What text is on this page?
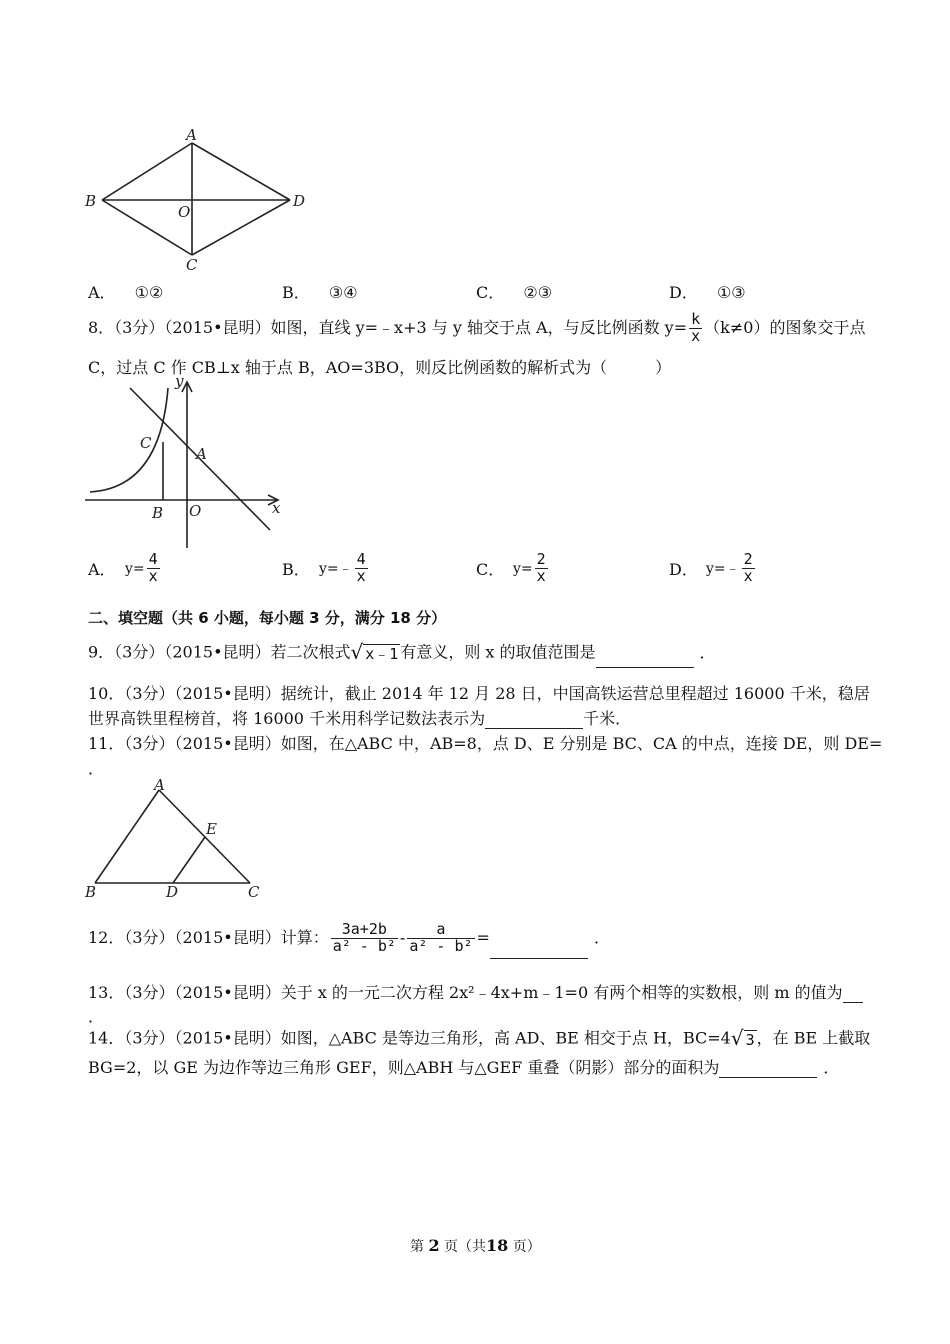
A
B
O
D
C
A． ①②	B． ③④	C． ②③	D． ①③
8．（3分）（2015•昆明）如图，直线 y=﹣x+3 与 y 轴交于点 A，与反比例函数 $y= \frac{k}{x} (k\ne 0)$的图象交于点
C，过点 C 作 CB⊥x 轴于点 B，AO=3BO，则反比例函数的解析式为（　　　）
y
x
C
A
B O
A． $y= \frac{4}{x}$	B． y=﹣ $\frac{4}{x}$	C． $y= \frac{2}{x}$	D． y=﹣ $\frac{2}{x}$
二、填空题（共 6 小题，每小题 3 分，满分 18 分）
9．（3分）（2015•昆明）若二次根式√ x﹣1 有意义，则 x 的取值范围是	．
10．（3分）（2015•昆明）据统计，截止 2014 年 12 月 28 日，中国高铁运营总里程超过 16000 千米，稳居
世界高铁里程榜首，将 16000 千米用科学记数法表示为	千米．
11．（3分）（2015•昆明）如图，在△ABC 中，AB=8，点 D、E 分别是 BC、CA 的中点，连接 DE，则 DE=
．
A
E
B	D	C
12．（3分）（2015•昆明）计算： $\frac{3a+2b}{\text{a² - b²}} - \frac{a}{\text{a² - b²}}$ =	．
13．（3分）（2015•昆明）关于 x 的一元二次方程 2x²﹣4x+m﹣1=0 有两个相等的实数根，则 m 的值为
．
14．（3分）（2015•昆明）如图，△ABC 是等边三角形，高 AD、BE 相交于点 H，BC=4√ 3 ，在 BE 上截取
BG=2，以 GE 为边作等边三角形 GEF，则△ABH 与△GEF 重叠（阴影）部分的面积为	．
第 2 页（共18 页）
